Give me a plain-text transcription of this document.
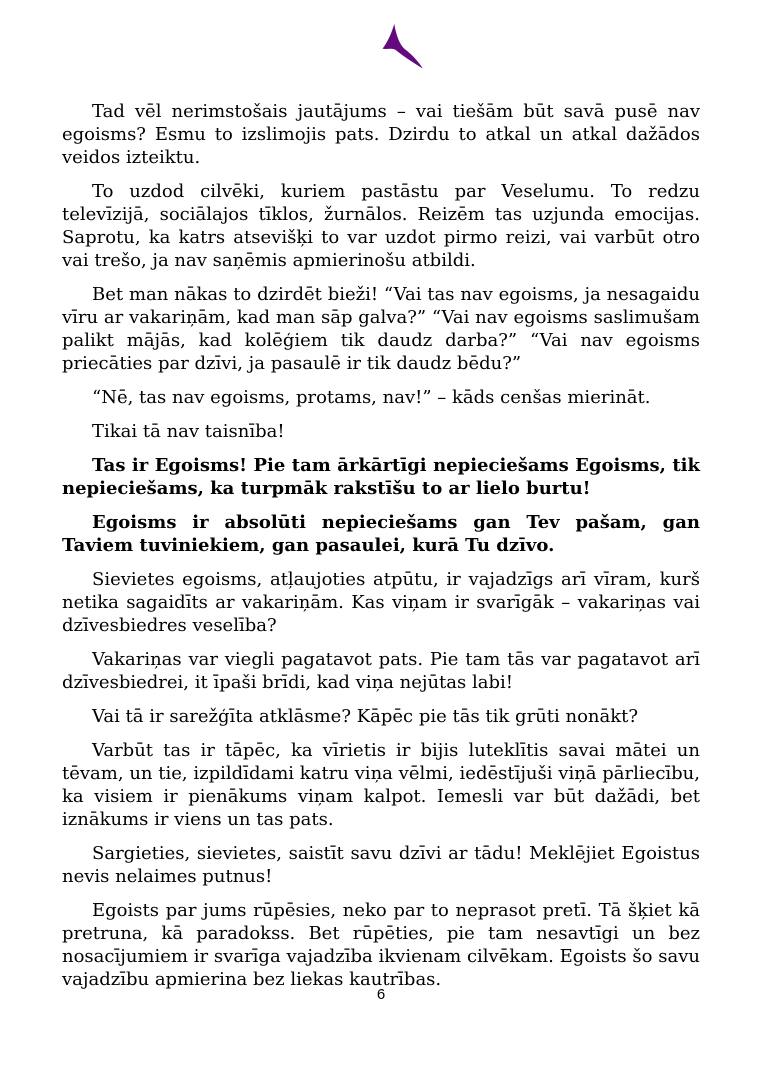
Tad vēl nerimstošais jautājums – vai tiešām būt savā pusē nav egoisms? Esmu to izslimojis pats. Dzirdu to atkal un atkal dažādos veidos izteiktu.

To uzdod cilvēki, kuriem pastāstu par Veselumu. To redzu televīzijā, sociālajos tīklos, žurnālos. Reizēm tas uzjunda emocijas. Saprotu, ka katrs atsevišķi to var uzdot pirmo reizi, vai varbūt otro vai trešo, ja nav saņēmis apmierinošu atbildi.

Bet man nākas to dzirdēt bieži! “Vai tas nav egoisms, ja nesagaidu vīru ar vakariņām, kad man sāp galva?” “Vai nav egoisms saslimušam palikt mājās, kad kolēģiem tik daudz darba?” “Vai nav egoisms priecāties par dzīvi, ja pasaulē ir tik daudz bēdu?”

“Nē, tas nav egoisms, protams, nav!” – kāds cenšas mierināt.

Tikai tā nav taisnība!

Tas ir Egoisms! Pie tam ārkārtīgi nepieciešams Egoisms, tik nepieciešams, ka turpmāk rakstīšu to ar lielo burtu!

Egoisms ir absolūti nepieciešams gan Tev pašam, gan Taviem tuviniekiem, gan pasaulei, kurā Tu dzīvo.

Sievietes egoisms, atļaujoties atpūtu, ir vajadzīgs arī vīram, kurš netika sagaidīts ar vakariņām. Kas viņam ir svarīgāk – vakariņas vai dzīvesbiedres veselība?

Vakariņas var viegli pagatavot pats. Pie tam tās var pagatavot arī dzīvesbiedrei, it īpaši brīdi, kad viņa nejūtas labi!

Vai tā ir sarežģīta atklāsme? Kāpēc pie tās tik grūti nonākt?

Varbūt tas ir tāpēc, ka vīrietis ir bijis luteklītis savai mātei un tēvam, un tie, izpildīdami katru viņa vēlmi, iedēstījuši viņā pārliecību, ka visiem ir pienākums viņam kalpot. Iemesli var būt dažādi, bet iznākums ir viens un tas pats.

Sargieties, sievietes, saistīt savu dzīvi ar tādu! Meklējiet Egoistus nevis nelaimes putnus!

Egoists par jums rūpēsies, neko par to neprasot pretī. Tā šķiet kā pretruna, kā paradokss. Bet rūpēties, pie tam nesavtīgi un bez nosacījumiem ir svarīga vajadzība ikvienam cilvēkam. Egoists šo savu vajadzību apmierina bez liekas kautrības.

6
